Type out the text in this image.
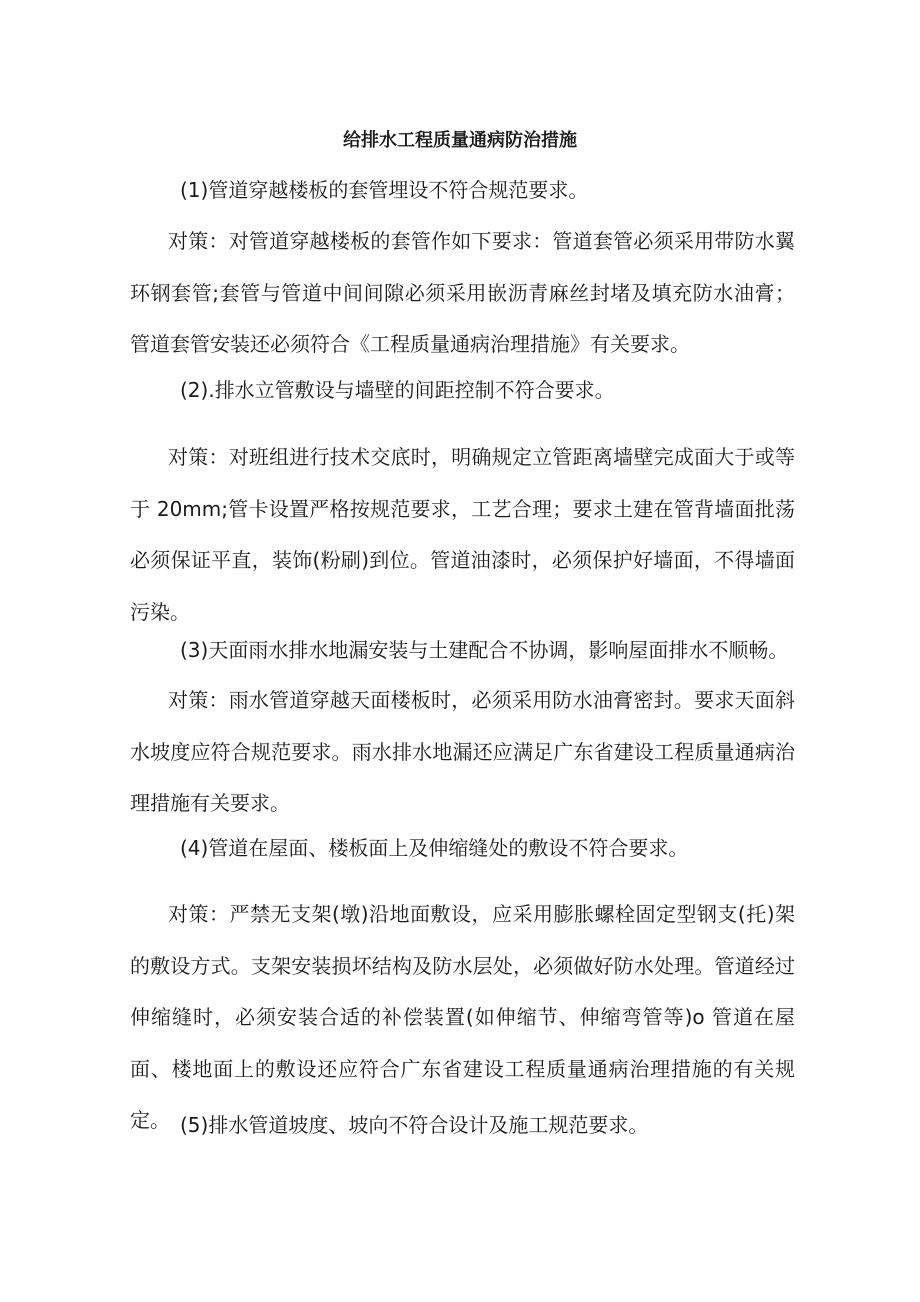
给排水工程质量通病防治措施

(1)管道穿越楼板的套管埋设不符合规范要求。

对策：对管道穿越楼板的套管作如下要求：管道套管必须采用带防水翼环钢套管;套管与管道中间间隙必须采用嵌沥青麻丝封堵及填充防水油膏；管道套管安装还必须符合《工程质量通病治理措施》有关要求。

(2).排水立管敷设与墙壁的间距控制不符合要求。

对策：对班组进行技术交底时，明确规定立管距离墙壁完成面大于或等于 20mm;管卡设置严格按规范要求，工艺合理；要求土建在管背墙面批荡必须保证平直，装饰(粉刷)到位。管道油漆时，必须保护好墙面，不得墙面污染。

(3)天面雨水排水地漏安装与土建配合不协调，影响屋面排水不顺畅。

对策：雨水管道穿越天面楼板时，必须采用防水油膏密封。要求天面斜水坡度应符合规范要求。雨水排水地漏还应满足广东省建设工程质量通病治理措施有关要求。

(4)管道在屋面、楼板面上及伸缩缝处的敷设不符合要求。

对策：严禁无支架(墩)沿地面敷设，应采用膨胀螺栓固定型钢支(托)架的敷设方式。支架安装损坏结构及防水层处，必须做好防水处理。管道经过伸缩缝时，必须安装合适的补偿装置(如伸缩节、伸缩弯管等)o 管道在屋面、楼地面上的敷设还应符合广东省建设工程质量通病治理措施的有关规定。 (5)排水管道坡度、坡向不符合设计及施工规范要求。
